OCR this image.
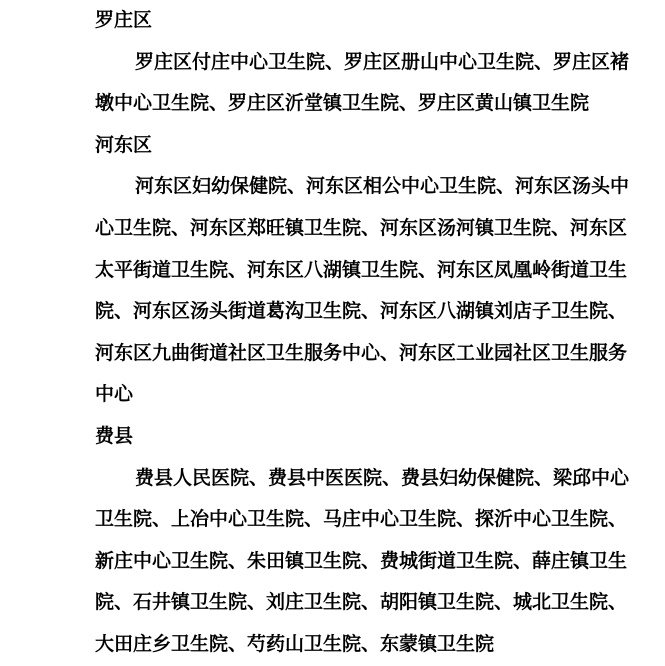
罗庄区
罗庄区付庄中心卫生院、罗庄区册山中心卫生院、罗庄区褚
墩中心卫生院、罗庄区沂堂镇卫生院、罗庄区黄山镇卫生院
河东区
河东区妇幼保健院、河东区相公中心卫生院、河东区汤头中
心卫生院、河东区郑旺镇卫生院、河东区汤河镇卫生院、河东区
太平街道卫生院、河东区八湖镇卫生院、河东区凤凰岭街道卫生
院、河东区汤头街道葛沟卫生院、河东区八湖镇刘店子卫生院、
河东区九曲街道社区卫生服务中心、河东区工业园社区卫生服务
中心
费县
费县人民医院、费县中医医院、费县妇幼保健院、梁邱中心
卫生院、上冶中心卫生院、马庄中心卫生院、探沂中心卫生院、
新庄中心卫生院、朱田镇卫生院、费城街道卫生院、薛庄镇卫生
院、石井镇卫生院、刘庄卫生院、胡阳镇卫生院、城北卫生院、
大田庄乡卫生院、芍药山卫生院、东蒙镇卫生院
